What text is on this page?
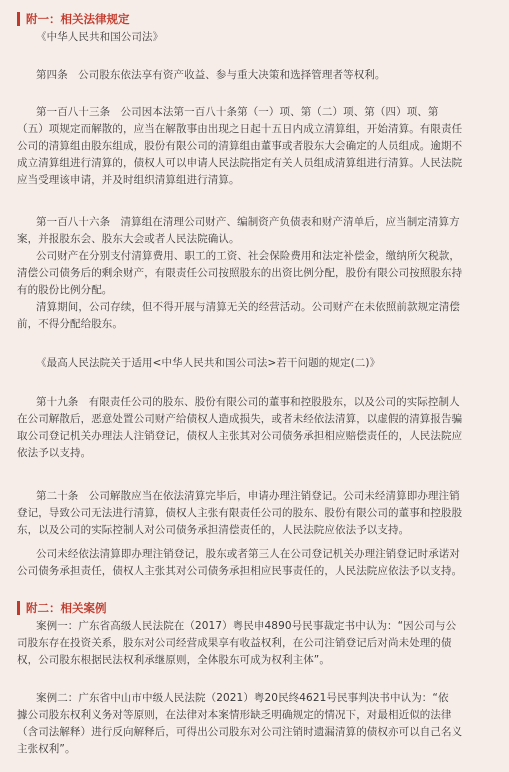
附一：相关法律规定
《中华人民共和国公司法》
第四条   公司股东依法享有资产收益、参与重大决策和选择管理者等权利。
第一百八十三条   公司因本法第一百八十条第（一）项、第（二）项、第（四）项、第
（五）项规定而解散的，应当在解散事由出现之日起十五日内成立清算组，开始清算。有限责任
公司的清算组由股东组成，股份有限公司的清算组由董事或者股东大会确定的人员组成。逾期不
成立清算组进行清算的，债权人可以申请人民法院指定有关人员组成清算组进行清算。人民法院
应当受理该申请，并及时组织清算组进行清算。
第一百八十六条   清算组在清理公司财产、编制资产负债表和财产清单后，应当制定清算方
案，并报股东会、股东大会或者人民法院确认。
公司财产在分别支付清算费用、职工的工资、社会保险费用和法定补偿金，缴纳所欠税款，
清偿公司债务后的剩余财产，有限责任公司按照股东的出资比例分配，股份有限公司按照股东持
有的股份比例分配。
清算期间，公司存续，但不得开展与清算无关的经营活动。公司财产在未依照前款规定清偿
前，不得分配给股东。
《最高人民法院关于适用<中华人民共和国公司法>若干问题的规定(二)》
第十九条   有限责任公司的股东、股份有限公司的董事和控股股东，以及公司的实际控制人
在公司解散后，恶意处置公司财产给债权人造成损失，或者未经依法清算，以虚假的清算报告骗
取公司登记机关办理法人注销登记，债权人主张其对公司债务承担相应赔偿责任的，人民法院应
依法予以支持。
第二十条   公司解散应当在依法清算完毕后，申请办理注销登记。公司未经清算即办理注销
登记，导致公司无法进行清算，债权人主张有限责任公司的股东、股份有限公司的董事和控股股
东，以及公司的实际控制人对公司债务承担清偿责任的，人民法院应依法予以支持。
公司未经依法清算即办理注销登记，股东或者第三人在公司登记机关办理注销登记时承诺对
公司债务承担责任，债权人主张其对公司债务承担相应民事责任的，人民法院应依法予以支持。
附二：相关案例
案例一：广东省高级人民法院在（2017）粤民申4890号民事裁定书中认为：“因公司与公
司股东存在投资关系，股东对公司经营成果享有收益权利，在公司注销登记后对尚未处理的债
权，公司股东根据民法权利承继原则，全体股东可成为权利主体”。
案例二：广东省中山市中级人民法院（2021）粤20民终4621号民事判决书中认为：“依
據公司股东权利义务对等原则，在法律对本案情形缺乏明确规定的情况下，对最相近似的法律
（含司法解释）进行反向解释后，可得出公司股东对公司注销时遗漏清算的债权亦可以自己名义
主张权利”。
